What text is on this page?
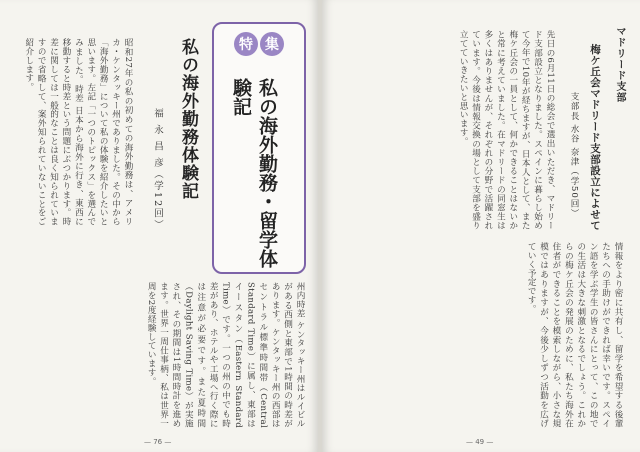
昭和27年の私の初めての海外勤務は、アメリカ・ケンタッキー州でありました。その中から「海外勤務」について私の体験を紹介したいと思います。左記「一つのトピックス」を選んでみました。時差 日本から海外に行き、東西に移動すると時差という問題にぶつかります。時差に関しては一般的なことは良く知られていますので省略して、案外知られていないことをご紹介します。
福 永 昌 彦（学12回） 私の海外勤務体験記	特 集
私の海外勤務・留学体験記
州内時差 ケンタッキー州はルイビルがある西側と東部で1時間の時差があります。ケンタッキー州の西部はセントラル標準時間帯（Central Standard Time）に属し、東部はイースタン（Eastern Standard Time）です。一つの州の中でも時差があり、ホテルや工場へ行く際には注意が必要です。また夏時間（Daylight Saving Time）が実施され、その期間は1時間時計を進めます。世界一周仕事柄、私は世界一周を2度経験しています。
— 76 —
マドリード支部
梅ケ丘会マドリード支部設立によせて
支部長 水谷 奈津（学50回）
先日の6月11日の総会で選出いただき、マドリード支部設立となりました。スペインに暮らし始めて今年で10年が経ちますが、日本人として、また梅ケ丘会の一員として、何かできることはないかと常に考えていました。在マドリードの同窓生は多くはありませんが、それぞれの分野で活躍されています。今後は情報交換の場として支部を盛り立てていきたいと思います。
情報をより密に共有し、留学を希望する後輩たちへの手助けができれば幸いです。スペイン語を学ぶ学生の皆さんにとって、この地での生活は大きな刺激となるでしょう。これからの梅ケ丘会の発展のために、私たち海外在住者ができることを模索しながら、小さな規模ではありますが、今後少しずつ活動を広げていく予定です。
— 49 —
